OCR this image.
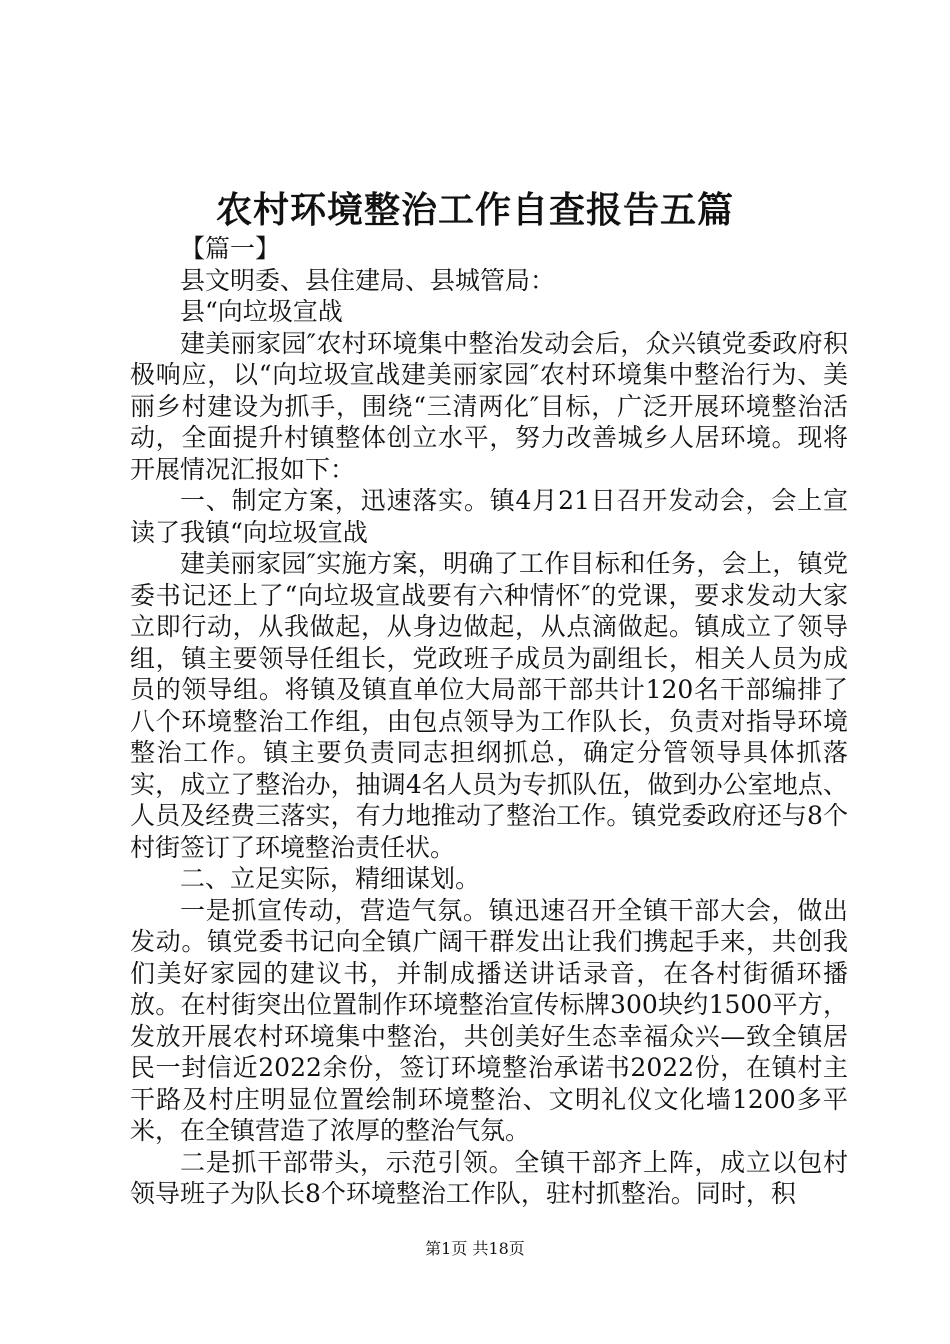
农村环境整治工作自查报告五篇

【篇一】

县文明委、县住建局、县城管局：

县“向垃圾宣战

建美丽家园″农村环境集中整治发动会后，众兴镇党委政府积极响应，以“向垃圾宣战建美丽家园″农村环境集中整治行为、美丽乡村建设为抓手，围绕“三清两化″目标，广泛开展环境整治活动，全面提升村镇整体创立水平，努力改善城乡人居环境。现将开展情况汇报如下：

一、制定方案，迅速落实。镇4月21日召开发动会，会上宣读了我镇“向垃圾宣战

建美丽家园″实施方案，明确了工作目标和任务，会上，镇党委书记还上了“向垃圾宣战要有六种情怀″的党课，要求发动大家立即行动，从我做起，从身边做起，从点滴做起。镇成立了领导组，镇主要领导任组长，党政班子成员为副组长，相关人员为成员的领导组。将镇及镇直单位大局部干部共计120名干部编排了八个环境整治工作组，由包点领导为工作队长，负责对指导环境整治工作。镇主要负责同志担纲抓总，确定分管领导具体抓落实，成立了整治办，抽调4名人员为专抓队伍，做到办公室地点、人员及经费三落实，有力地推动了整治工作。镇党委政府还与8个村街签订了环境整治责任状。

二、立足实际，精细谋划。

一是抓宣传动，营造气氛。镇迅速召开全镇干部大会，做出发动。镇党委书记向全镇广阔干群发出让我们携起手来，共创我们美好家园的建议书，并制成播送讲话录音，在各村街循环播放。在村街突出位置制作环境整治宣传标牌300块约1500平方，发放开展农村环境集中整治，共创美好生态幸福众兴—致全镇居民一封信近2022余份，签订环境整治承诺书2022份，在镇村主干路及村庄明显位置绘制环境整治、文明礼仪文化墙1200多平米，在全镇营造了浓厚的整治气氛。

二是抓干部带头，示范引领。全镇干部齐上阵，成立以包村领导班子为队长8个环境整治工作队，驻村抓整治。同时，积

第1页 共18页
